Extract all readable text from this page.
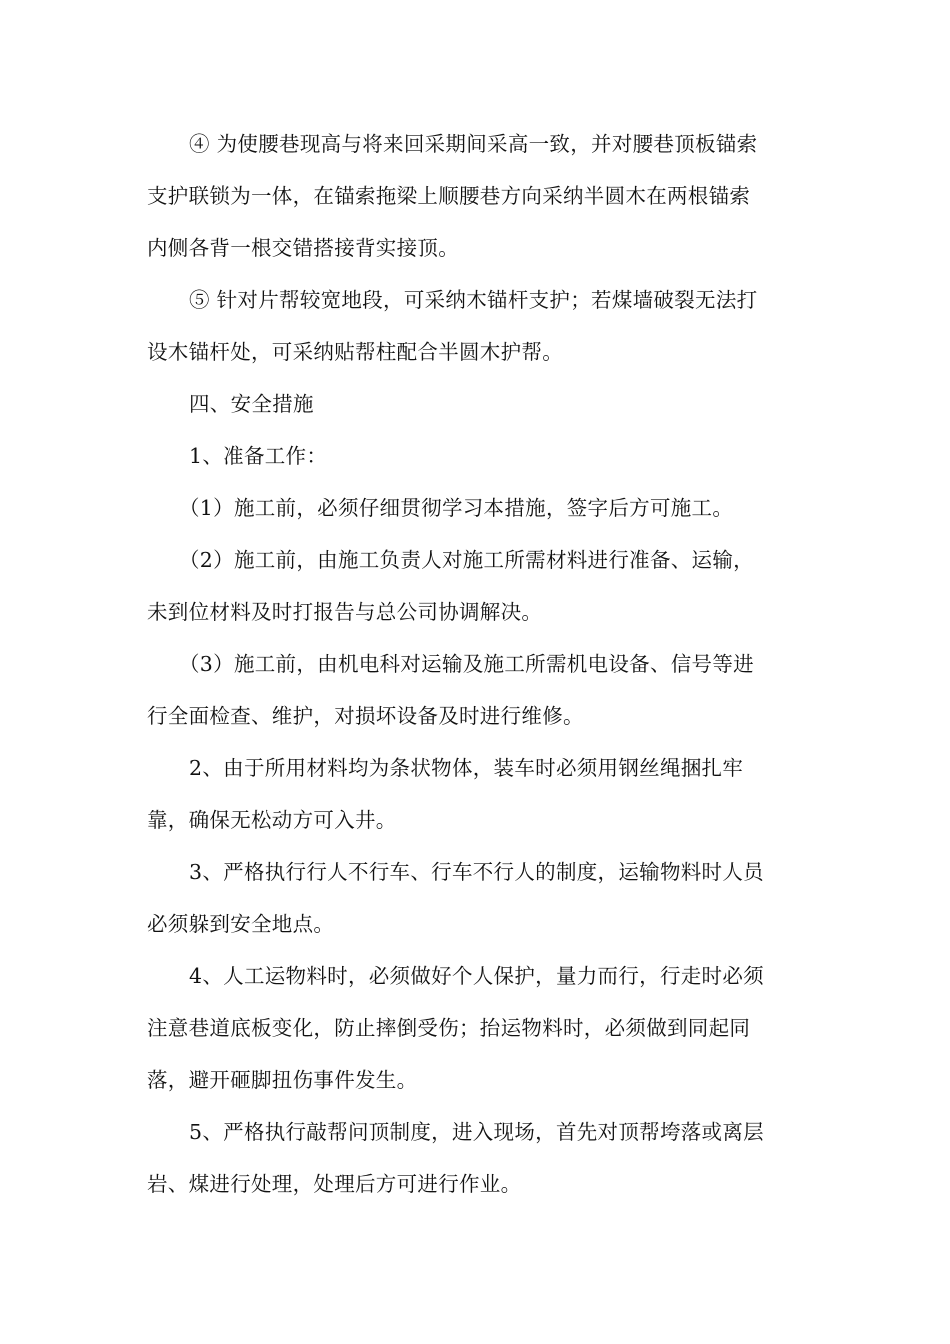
④ 为使腰巷现高与将来回采期间采高一致，并对腰巷顶板锚索
支护联锁为一体，在锚索拖梁上顺腰巷方向采纳半圆木在两根锚索
内侧各背一根交错搭接背实接顶。

⑤ 针对片帮较宽地段，可采纳木锚杆支护；若煤墙破裂无法打
设木锚杆处，可采纳贴帮柱配合半圆木护帮。

四、安全措施

1、准备工作：

（1）施工前，必须仔细贯彻学习本措施，签字后方可施工。

（2）施工前，由施工负责人对施工所需材料进行准备、运输，
未到位材料及时打报告与总公司协调解决。

（3）施工前，由机电科对运输及施工所需机电设备、信号等进
行全面检查、维护，对损坏设备及时进行维修。

2、由于所用材料均为条状物体，装车时必须用钢丝绳捆扎牢
靠，确保无松动方可入井。

3、严格执行行人不行车、行车不行人的制度，运输物料时人员
必须躲到安全地点。

4、人工运物料时，必须做好个人保护，量力而行，行走时必须
注意巷道底板变化，防止摔倒受伤；抬运物料时，必须做到同起同
落，避开砸脚扭伤事件发生。

5、严格执行敲帮问顶制度，进入现场，首先对顶帮垮落或离层
岩、煤进行处理，处理后方可进行作业。
